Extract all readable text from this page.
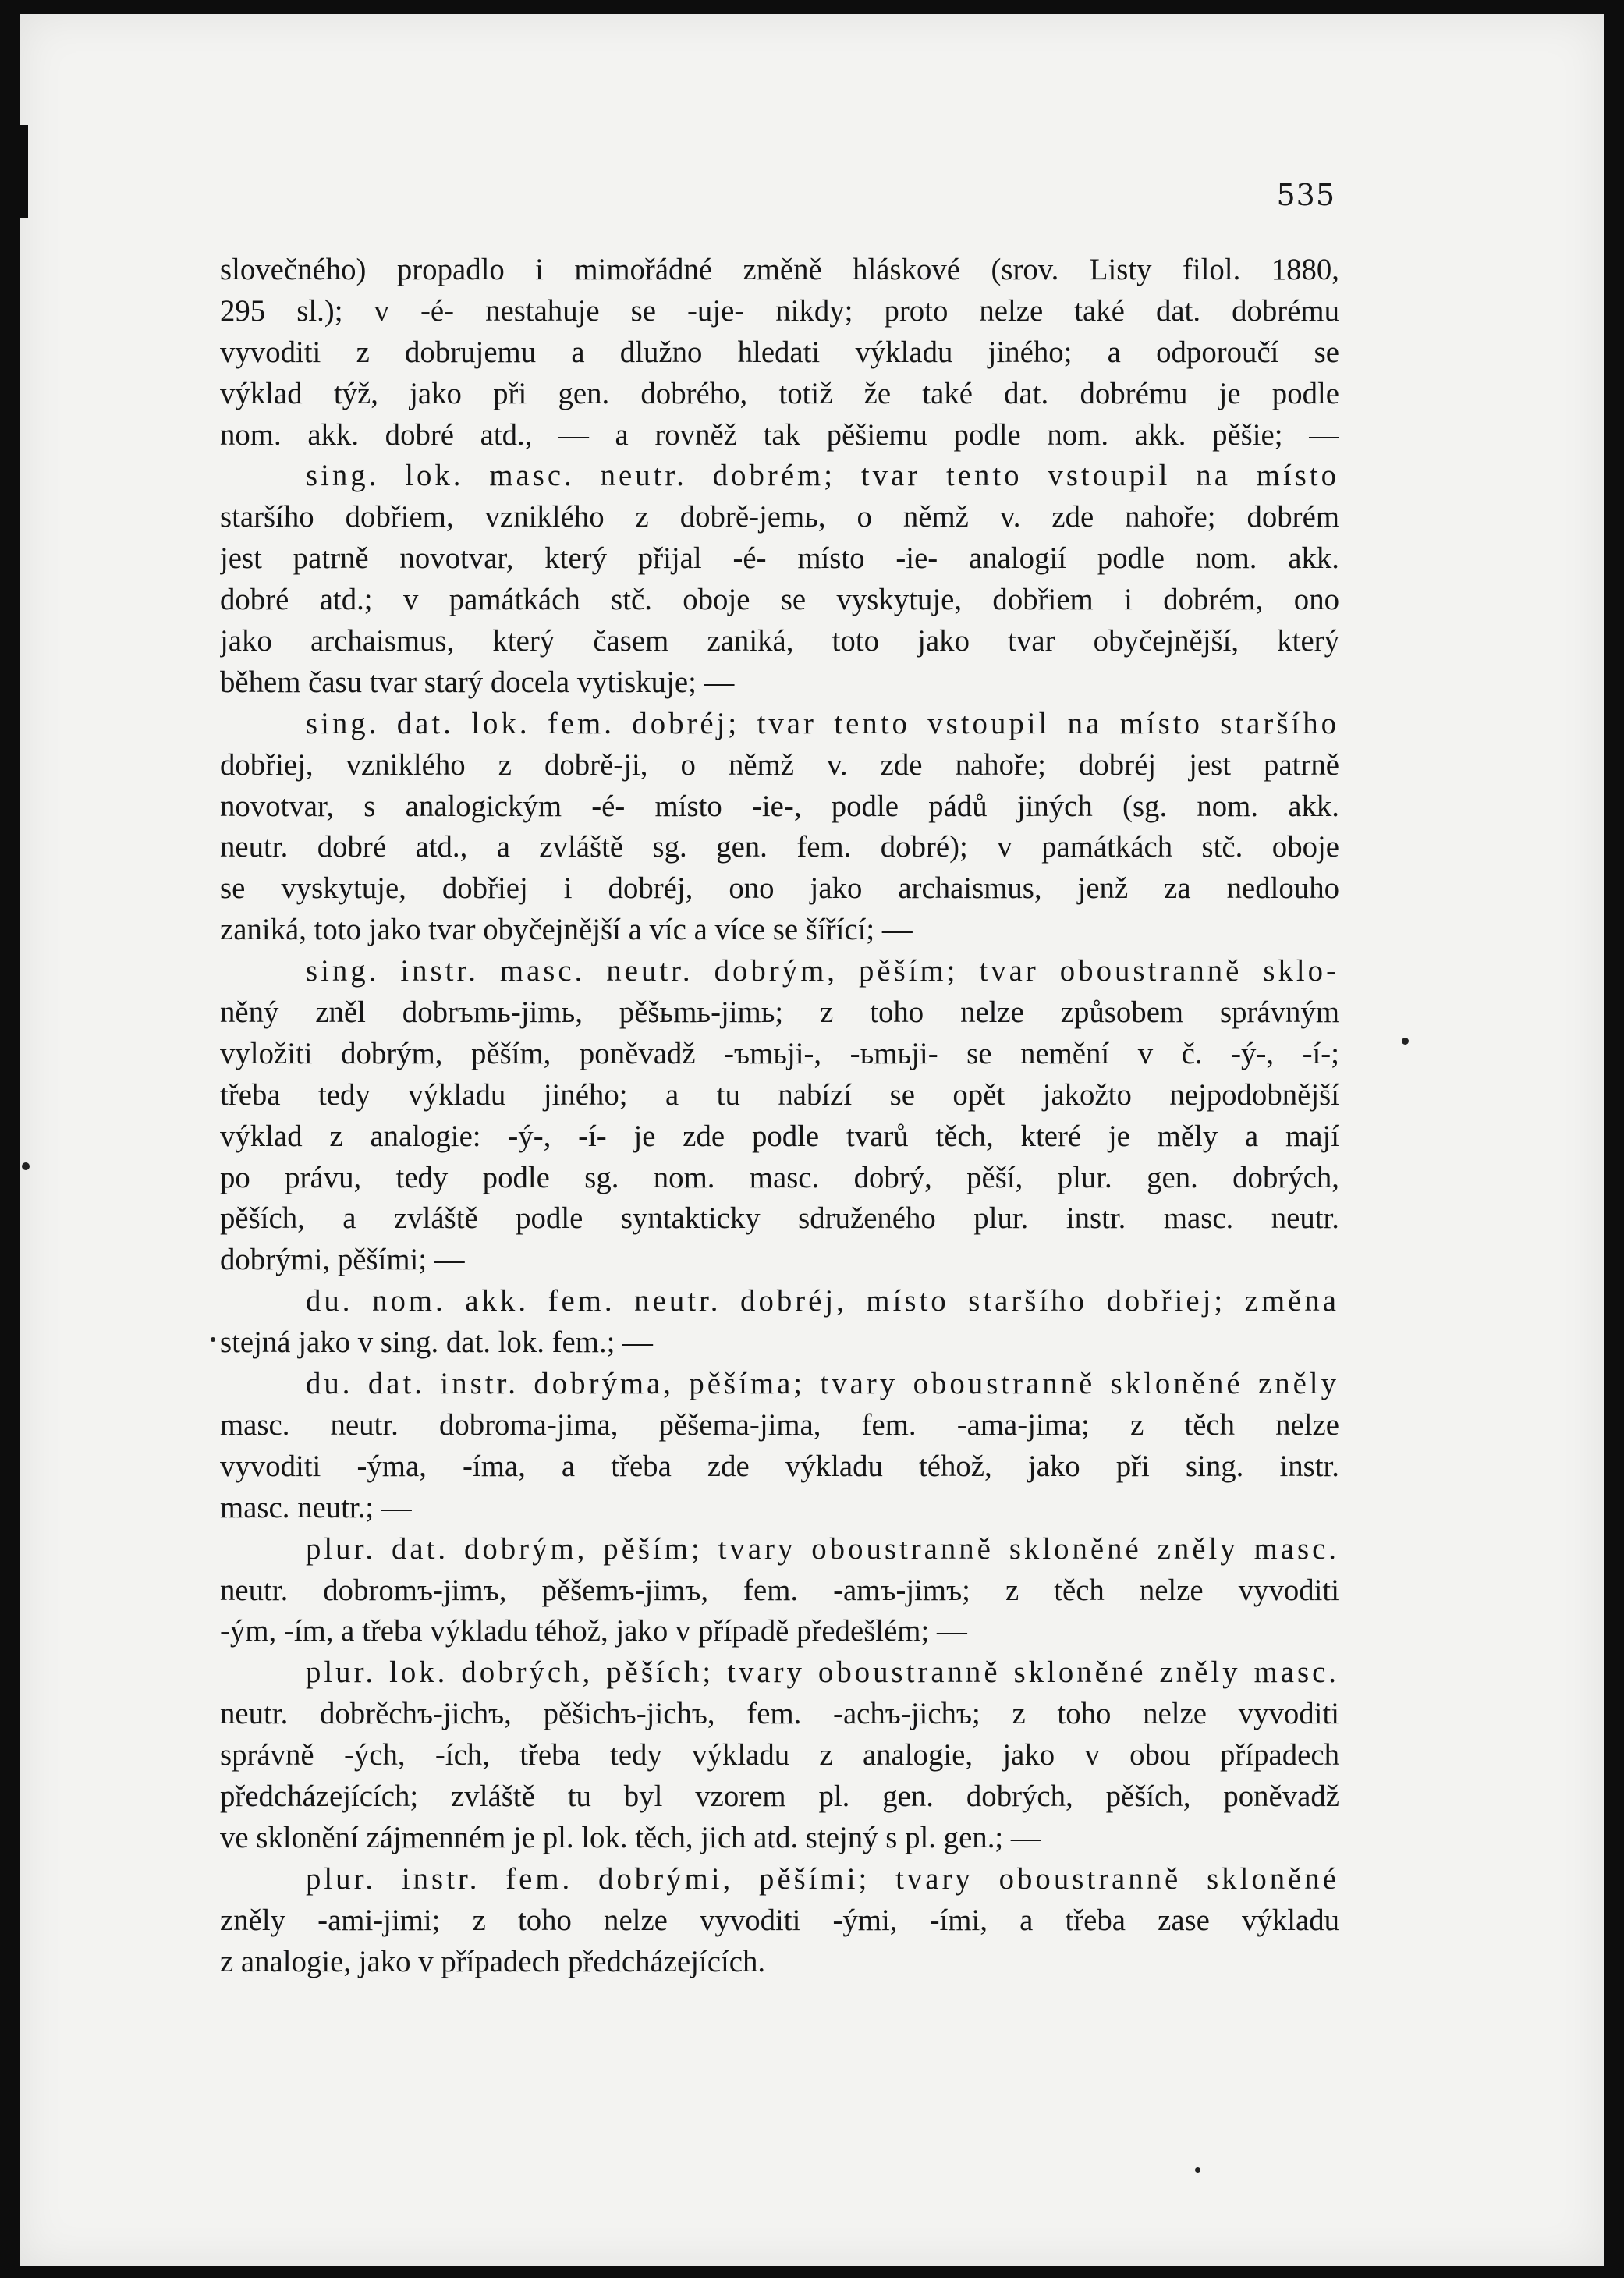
535
slovečného) propadlo i mimořádné změně hláskové (srov. Listy filol. 1880,
295 sl.); v -é- nestahuje se -uje- nikdy; proto nelze také dat. dobrému
vyvoditi z dobrujemu a dlužno hledati výkladu jiného; a odporoučí se
výklad týž, jako při gen. dobrého, totiž že také dat. dobrému je podle
nom. akk. dobré atd., — a rovněž tak pěšiemu podle nom. akk. pěšie; —
sing. lok. masc. neutr. dobrém; tvar tento vstoupil na místo
staršího dobřiem, vzniklého z dobrě-jemь, o němž v. zde nahoře; dobrém
jest patrně novotvar, který přijal -é- místo -ie- analogií podle nom. akk.
dobré atd.; v památkách stč. oboje se vyskytuje, dobřiem i dobrém, ono
jako archaismus, který časem zaniká, toto jako tvar obyčejnější, který
během času tvar starý docela vytiskuje; —
sing. dat. lok. fem. dobréj; tvar tento vstoupil na místo staršího
dobřiej, vzniklého z dobrě-ji, o němž v. zde nahoře; dobréj jest patrně
novotvar, s analogickým -é- místo -ie-, podle pádů jiných (sg. nom. akk.
neutr. dobré atd., a zvláště sg. gen. fem. dobré); v památkách stč. oboje
se vyskytuje, dobřiej i dobréj, ono jako archaismus, jenž za nedlouho
zaniká, toto jako tvar obyčejnější a víc a více se šířící; —
sing. instr. masc. neutr. dobrým, pěším; tvar oboustranně sklo-
něný zněl dobrъmь-jimь, pěšьmь-jimь; z toho nelze způsobem správným
vyložiti dobrým, pěším, poněvadž -ъmьji-, -ьmьji- se nemění v č. -ý-, -í-;
třeba tedy výkladu jiného; a tu nabízí se opět jakožto nejpodobnější
výklad z analogie: -ý-, -í- je zde podle tvarů těch, které je měly a mají
po právu, tedy podle sg. nom. masc. dobrý, pěší, plur. gen. dobrých,
pěších, a zvláště podle syntakticky sdruženého plur. instr. masc. neutr.
dobrými, pěšími; —
du. nom. akk. fem. neutr. dobréj, místo staršího dobřiej; změna
stejná jako v sing. dat. lok. fem.; —
du. dat. instr. dobrýma, pěšíma; tvary oboustranně skloněné zněly
masc. neutr. dobroma-jima, pěšema-jima, fem. -ama-jima; z těch nelze
vyvoditi -ýma, -íma, a třeba zde výkladu téhož, jako při sing. instr.
masc. neutr.; —
plur. dat. dobrým, pěším; tvary oboustranně skloněné zněly masc.
neutr. dobromъ-jimъ, pěšemъ-jimъ, fem. -amъ-jimъ; z těch nelze vyvoditi
-ým, -ím, a třeba výkladu téhož, jako v případě předešlém; —
plur. lok. dobrých, pěších; tvary oboustranně skloněné zněly masc.
neutr. dobrěchъ-jichъ, pěšichъ-jichъ, fem. -achъ-jichъ; z toho nelze vyvoditi
správně -ých, -ích, třeba tedy výkladu z analogie, jako v obou případech
předcházejících; zvláště tu byl vzorem pl. gen. dobrých, pěších, poněvadž
ve sklonění zájmenném je pl. lok. těch, jich atd. stejný s pl. gen.; —
plur. instr. fem. dobrými, pěšími; tvary oboustranně skloněné
zněly -ami-jimi; z toho nelze vyvoditi -ými, -ími, a třeba zase výkladu
z analogie, jako v případech předcházejících.
